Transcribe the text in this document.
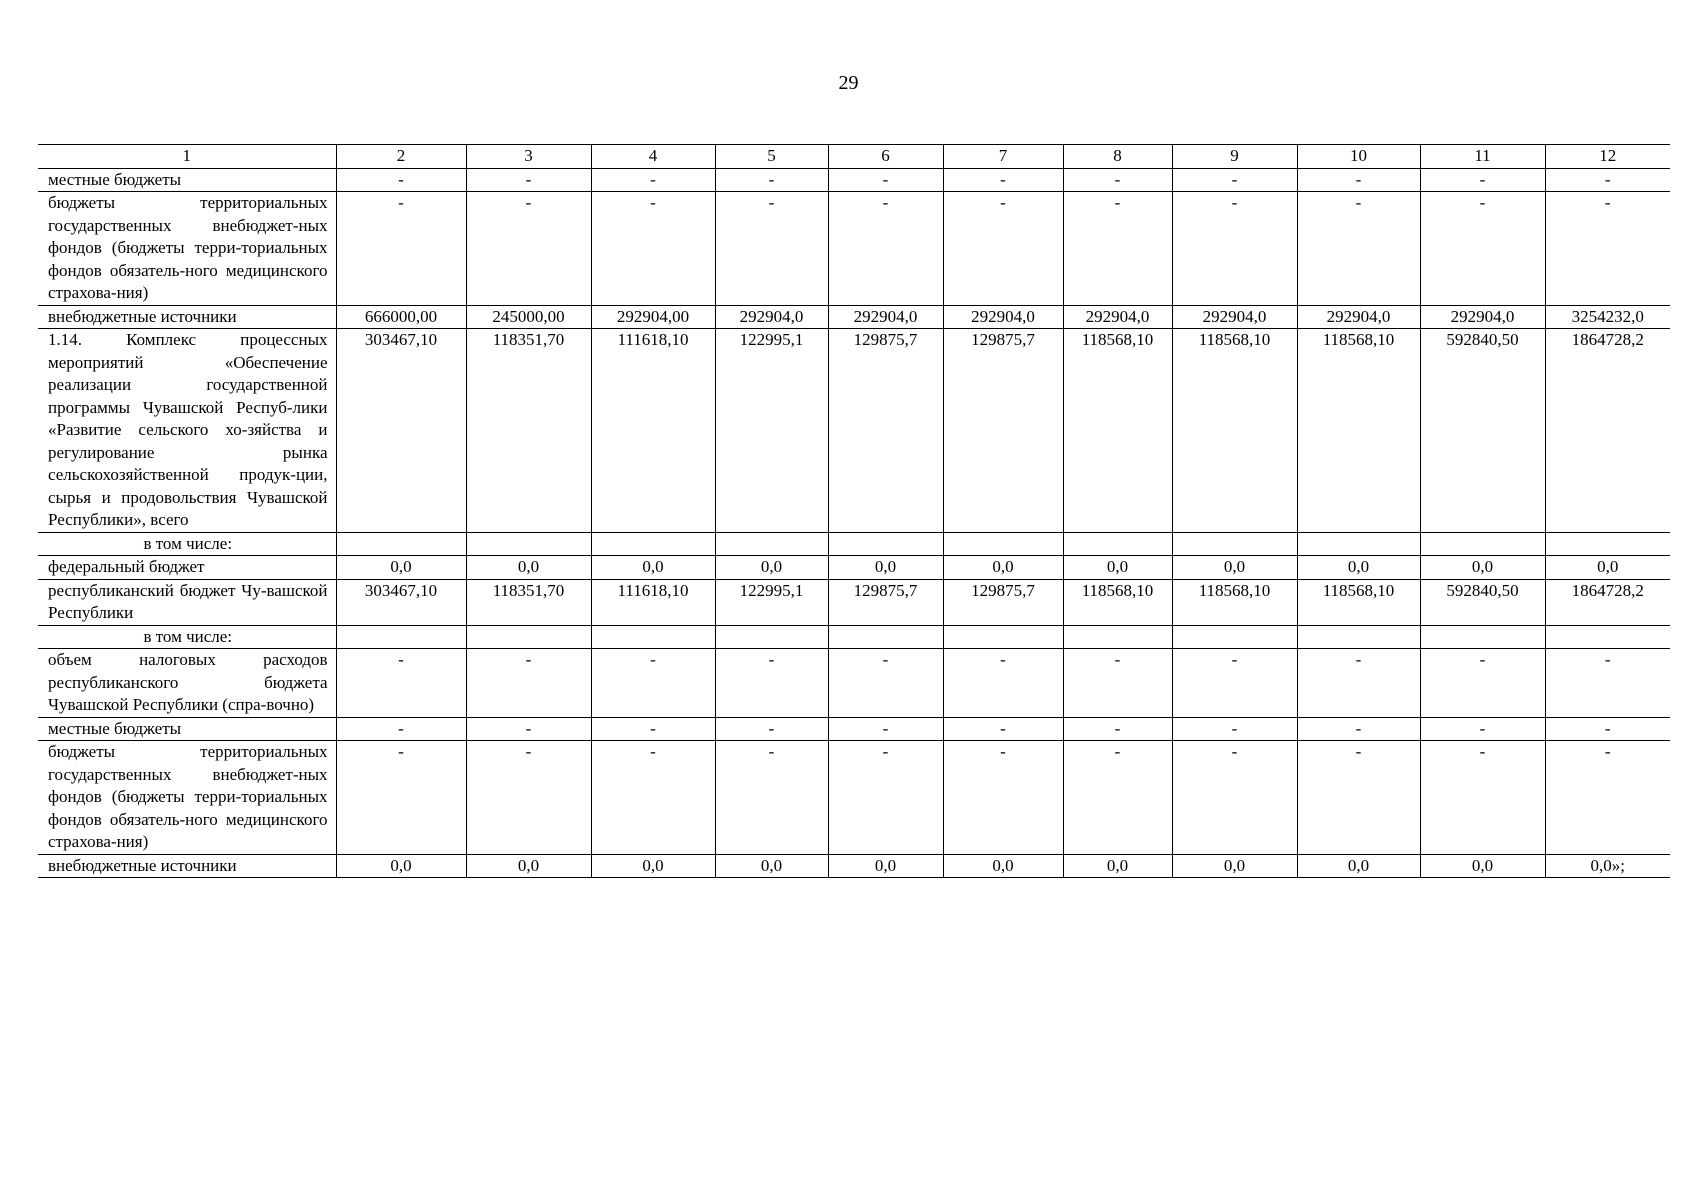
29
1	2	3	4	5	6	7	8	9	10	11	12
местные бюджеты	-	-	-	-	-	-	-	-	-	-	-
бюджеты территориальных государственных внебюджет-ных фондов (бюджеты терри-ториальных фондов обязатель-ного медицинского страхова-ния)	-	-	-	-	-	-	-	-	-	-	-
внебюджетные источники	666000,00	245000,00	292904,00	292904,0	292904,0	292904,0	292904,0	292904,0	292904,0	292904,0	3254232,0
1.14. Комплекс процессных мероприятий «Обеспечение реализации государственной программы Чувашской Респуб-лики «Развитие сельского хо-зяйства и регулирование рынка сельскохозяйственной продук-ции, сырья и продовольствия Чувашской Республики», всего	303467,10	118351,70	111618,10	122995,1	129875,7	129875,7	118568,10	118568,10	118568,10	592840,50	1864728,2
в том числе:											
федеральный бюджет	0,0	0,0	0,0	0,0	0,0	0,0	0,0	0,0	0,0	0,0	0,0
республиканский бюджет Чу-вашской Республики	303467,10	118351,70	111618,10	122995,1	129875,7	129875,7	118568,10	118568,10	118568,10	592840,50	1864728,2
в том числе:											
объем налоговых расходов республиканского бюджета Чувашской Республики (спра-вочно)	-	-	-	-	-	-	-	-	-	-	-
местные бюджеты	-	-	-	-	-	-	-	-	-	-	-
бюджеты территориальных государственных внебюджет-ных фондов (бюджеты терри-ториальных фондов обязатель-ного медицинского страхова-ния)	-	-	-	-	-	-	-	-	-	-	-
внебюджетные источники	0,0	0,0	0,0	0,0	0,0	0,0	0,0	0,0	0,0	0,0	0,0»;
